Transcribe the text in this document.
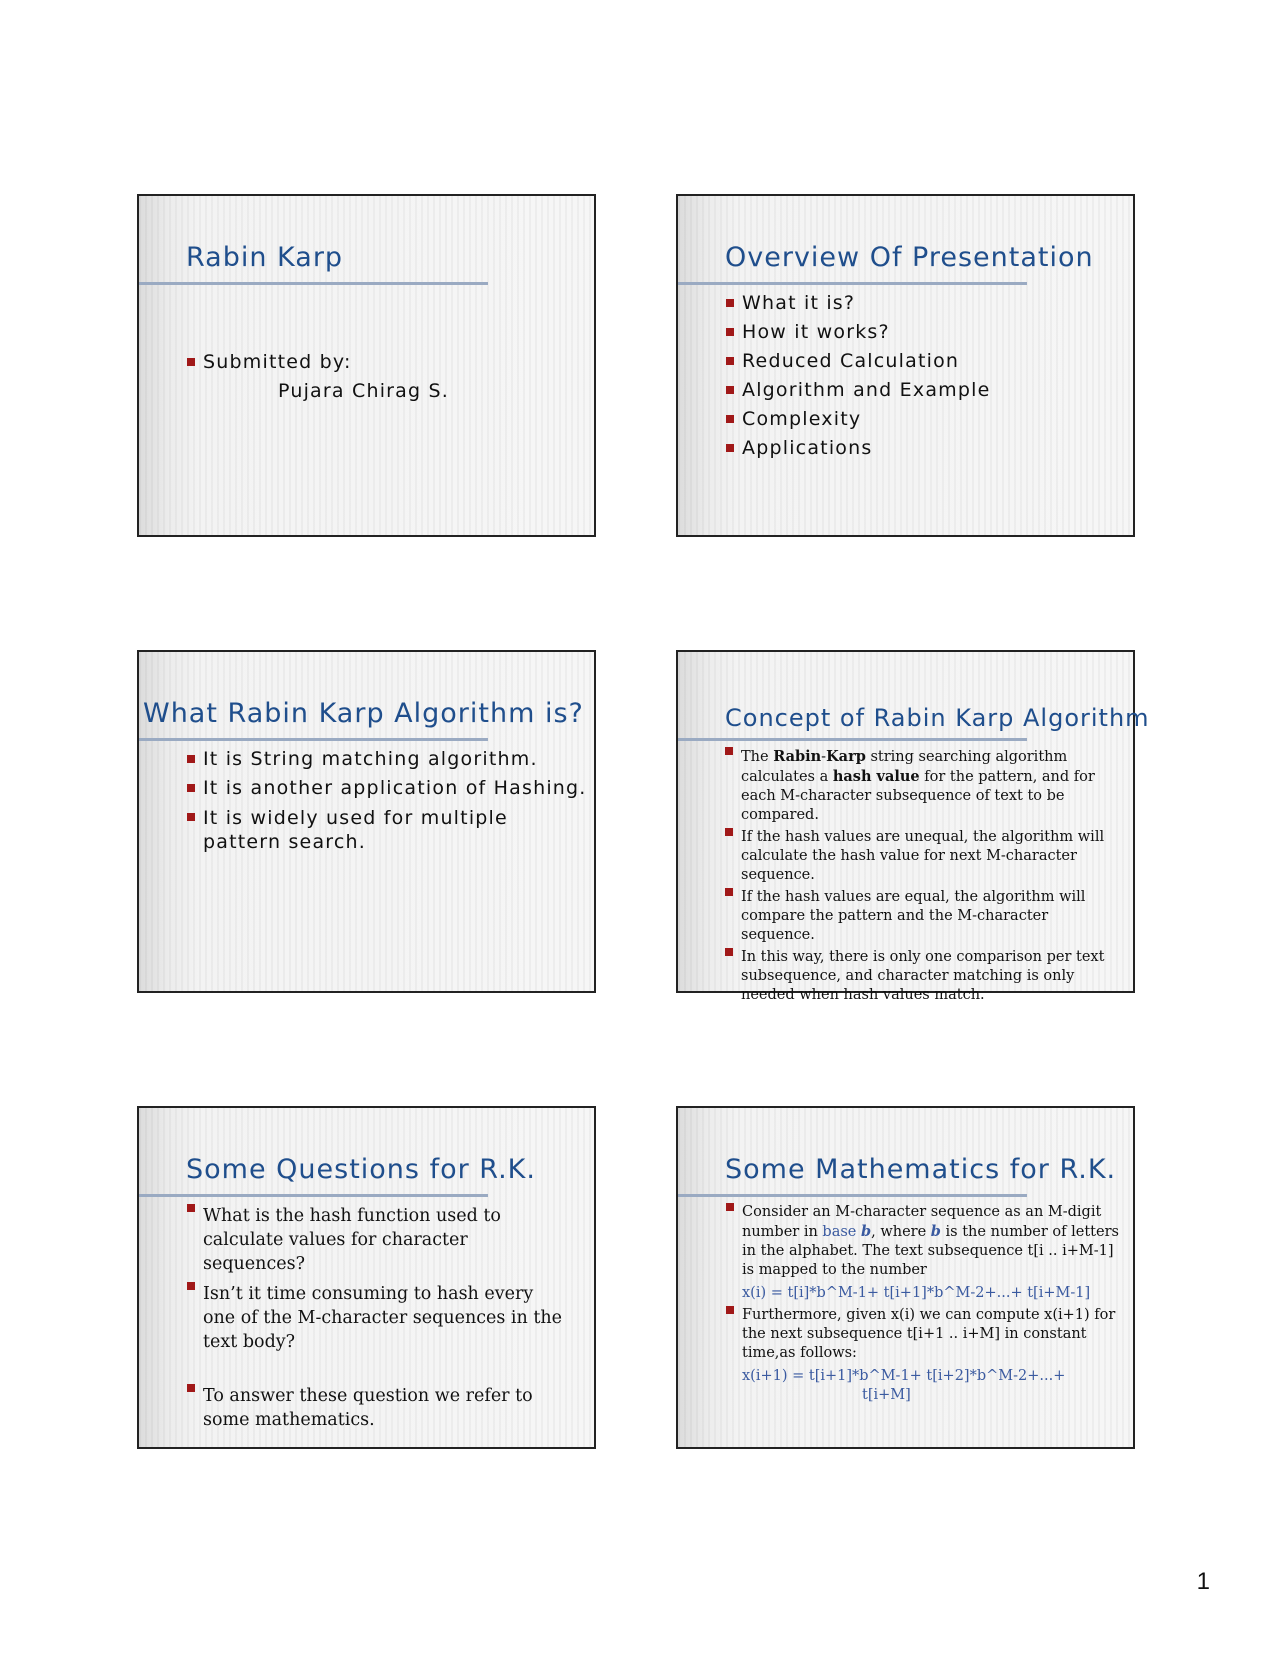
Rabin Karp
Submitted by:
Pujara Chirag S.
Overview Of Presentation
What it is?
How it works?
Reduced Calculation
Algorithm and Example
Complexity
Applications
What Rabin Karp Algorithm is?
It is String matching algorithm.
It is another application of Hashing.
It is widely used for multiple pattern search.
Concept of Rabin Karp Algorithm
The Rabin-Karp string searching algorithm calculates a hash value for the pattern, and for each M-character subsequence of text to be compared.
If the hash values are unequal, the algorithm will calculate the hash value for next M-character sequence.
If the hash values are equal, the algorithm will compare the pattern and the M-character sequence.
In this way, there is only one comparison per text subsequence, and character matching is only needed when hash values match.
Some Questions for R.K.
What is the hash function used to calculate values for character sequences?
Isn’t it time consuming to hash every one of the M-character sequences in the text body?
To answer these question we refer to some mathematics.
Some Mathematics for R.K.
Consider an M-character sequence as an M-digit number in base b, where b is the number of letters in the alphabet. The text subsequence t[i .. i+M-1] is mapped to the number
x(i) = t[i]*b^M-1+ t[i+1]*b^M-2+...+ t[i+M-1]
Furthermore, given x(i) we can compute x(i+1) for the next subsequence t[i+1 .. i+M] in constant time,as follows:
x(i+1) = t[i+1]*b^M-1+ t[i+2]*b^M-2+...+
t[i+M]
1
